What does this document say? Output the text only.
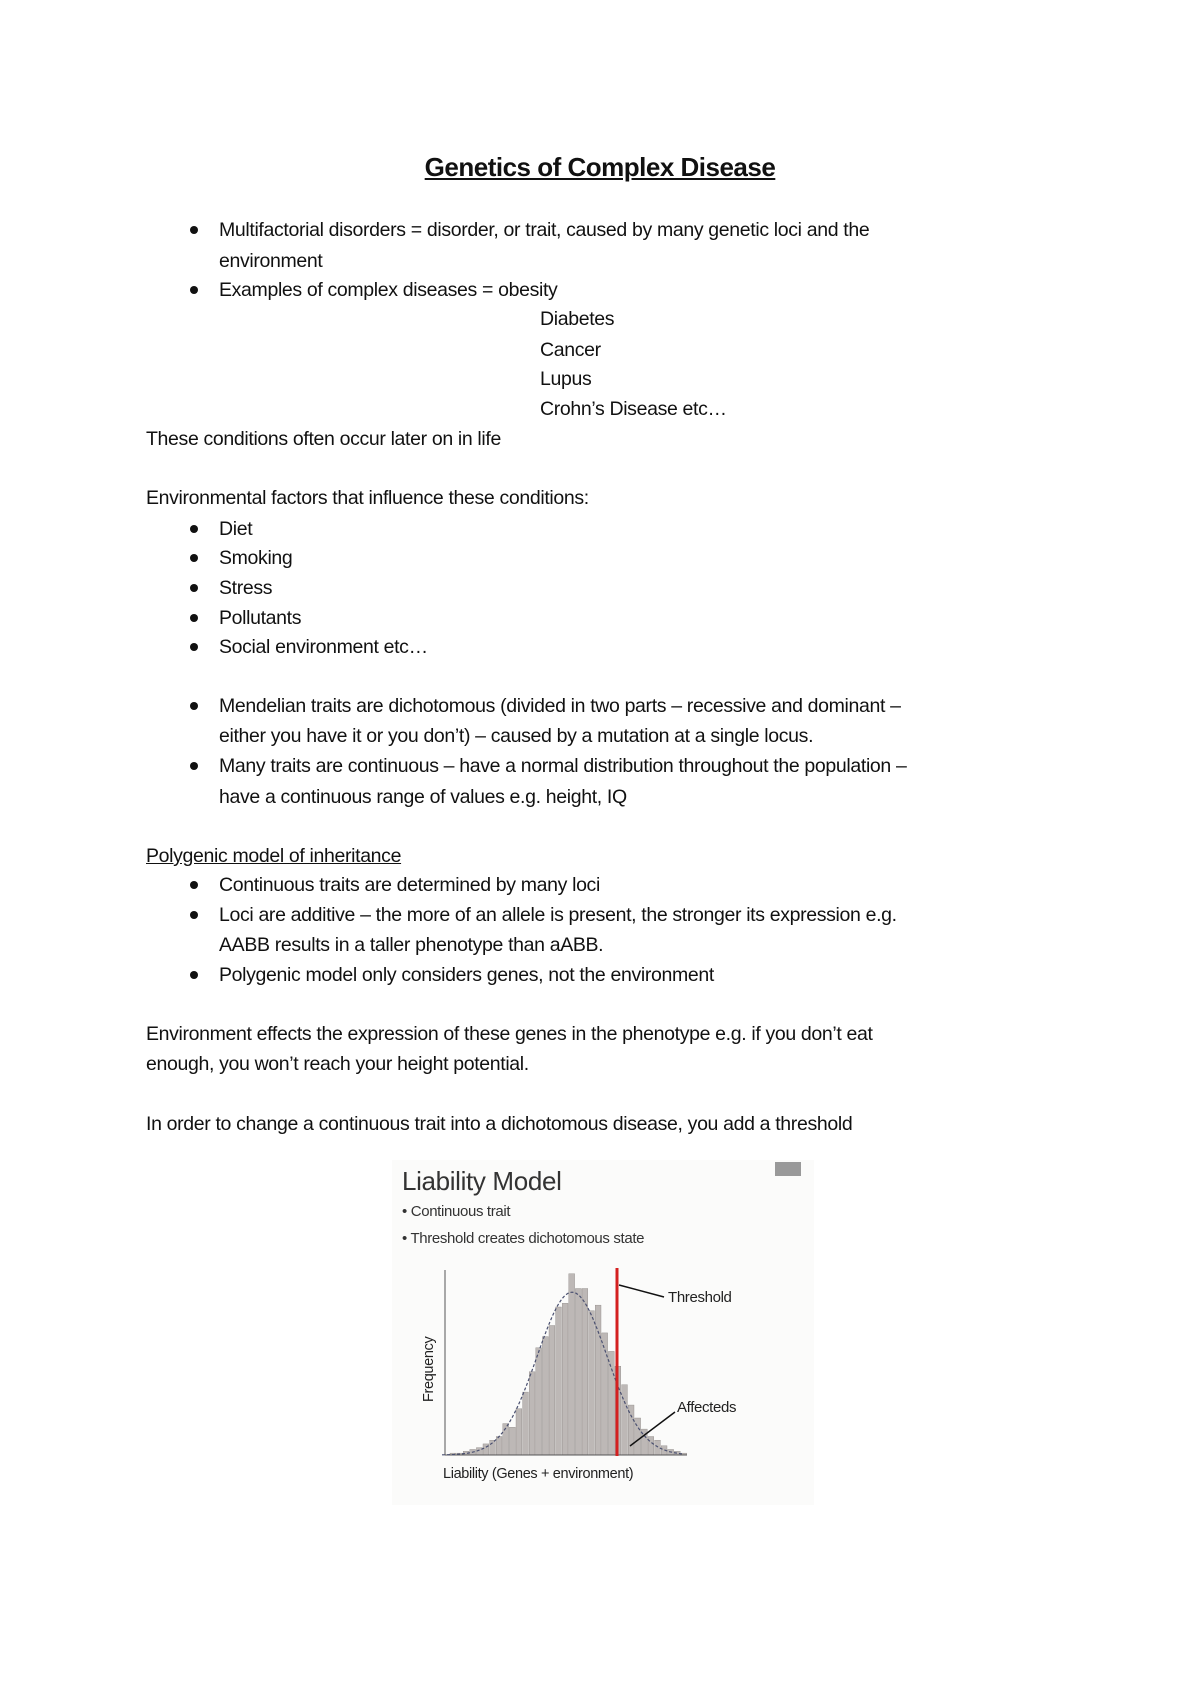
Genetics of Complex Disease
Multifactorial disorders = disorder, or trait, caused by many genetic loci and the
environment
Examples of complex diseases = obesity
Diabetes
Cancer
Lupus
Crohn’s Disease etc…
These conditions often occur later on in life
Environmental factors that influence these conditions:
Diet
Smoking
Stress
Pollutants
Social environment etc…
Mendelian traits are dichotomous (divided in two parts – recessive and dominant –
either you have it or you don’t) – caused by a mutation at a single locus.
Many traits are continuous – have a normal distribution throughout the population –
have a continuous range of values e.g. height, IQ
Polygenic model of inheritance
Continuous traits are determined by many loci
Loci are additive – the more of an allele is present, the stronger its expression e.g.
AABB results in a taller phenotype than aABB.
Polygenic model only considers genes, not the environment
Environment effects the expression of these genes in the phenotype e.g. if you don’t eat
enough, you won’t reach your height potential.
In order to change a continuous trait into a dichotomous disease, you add a threshold
Liability Model
• Continuous trait
• Threshold creates dichotomous state
Threshold
Affecteds
Liability (Genes + environment)
Frequency
